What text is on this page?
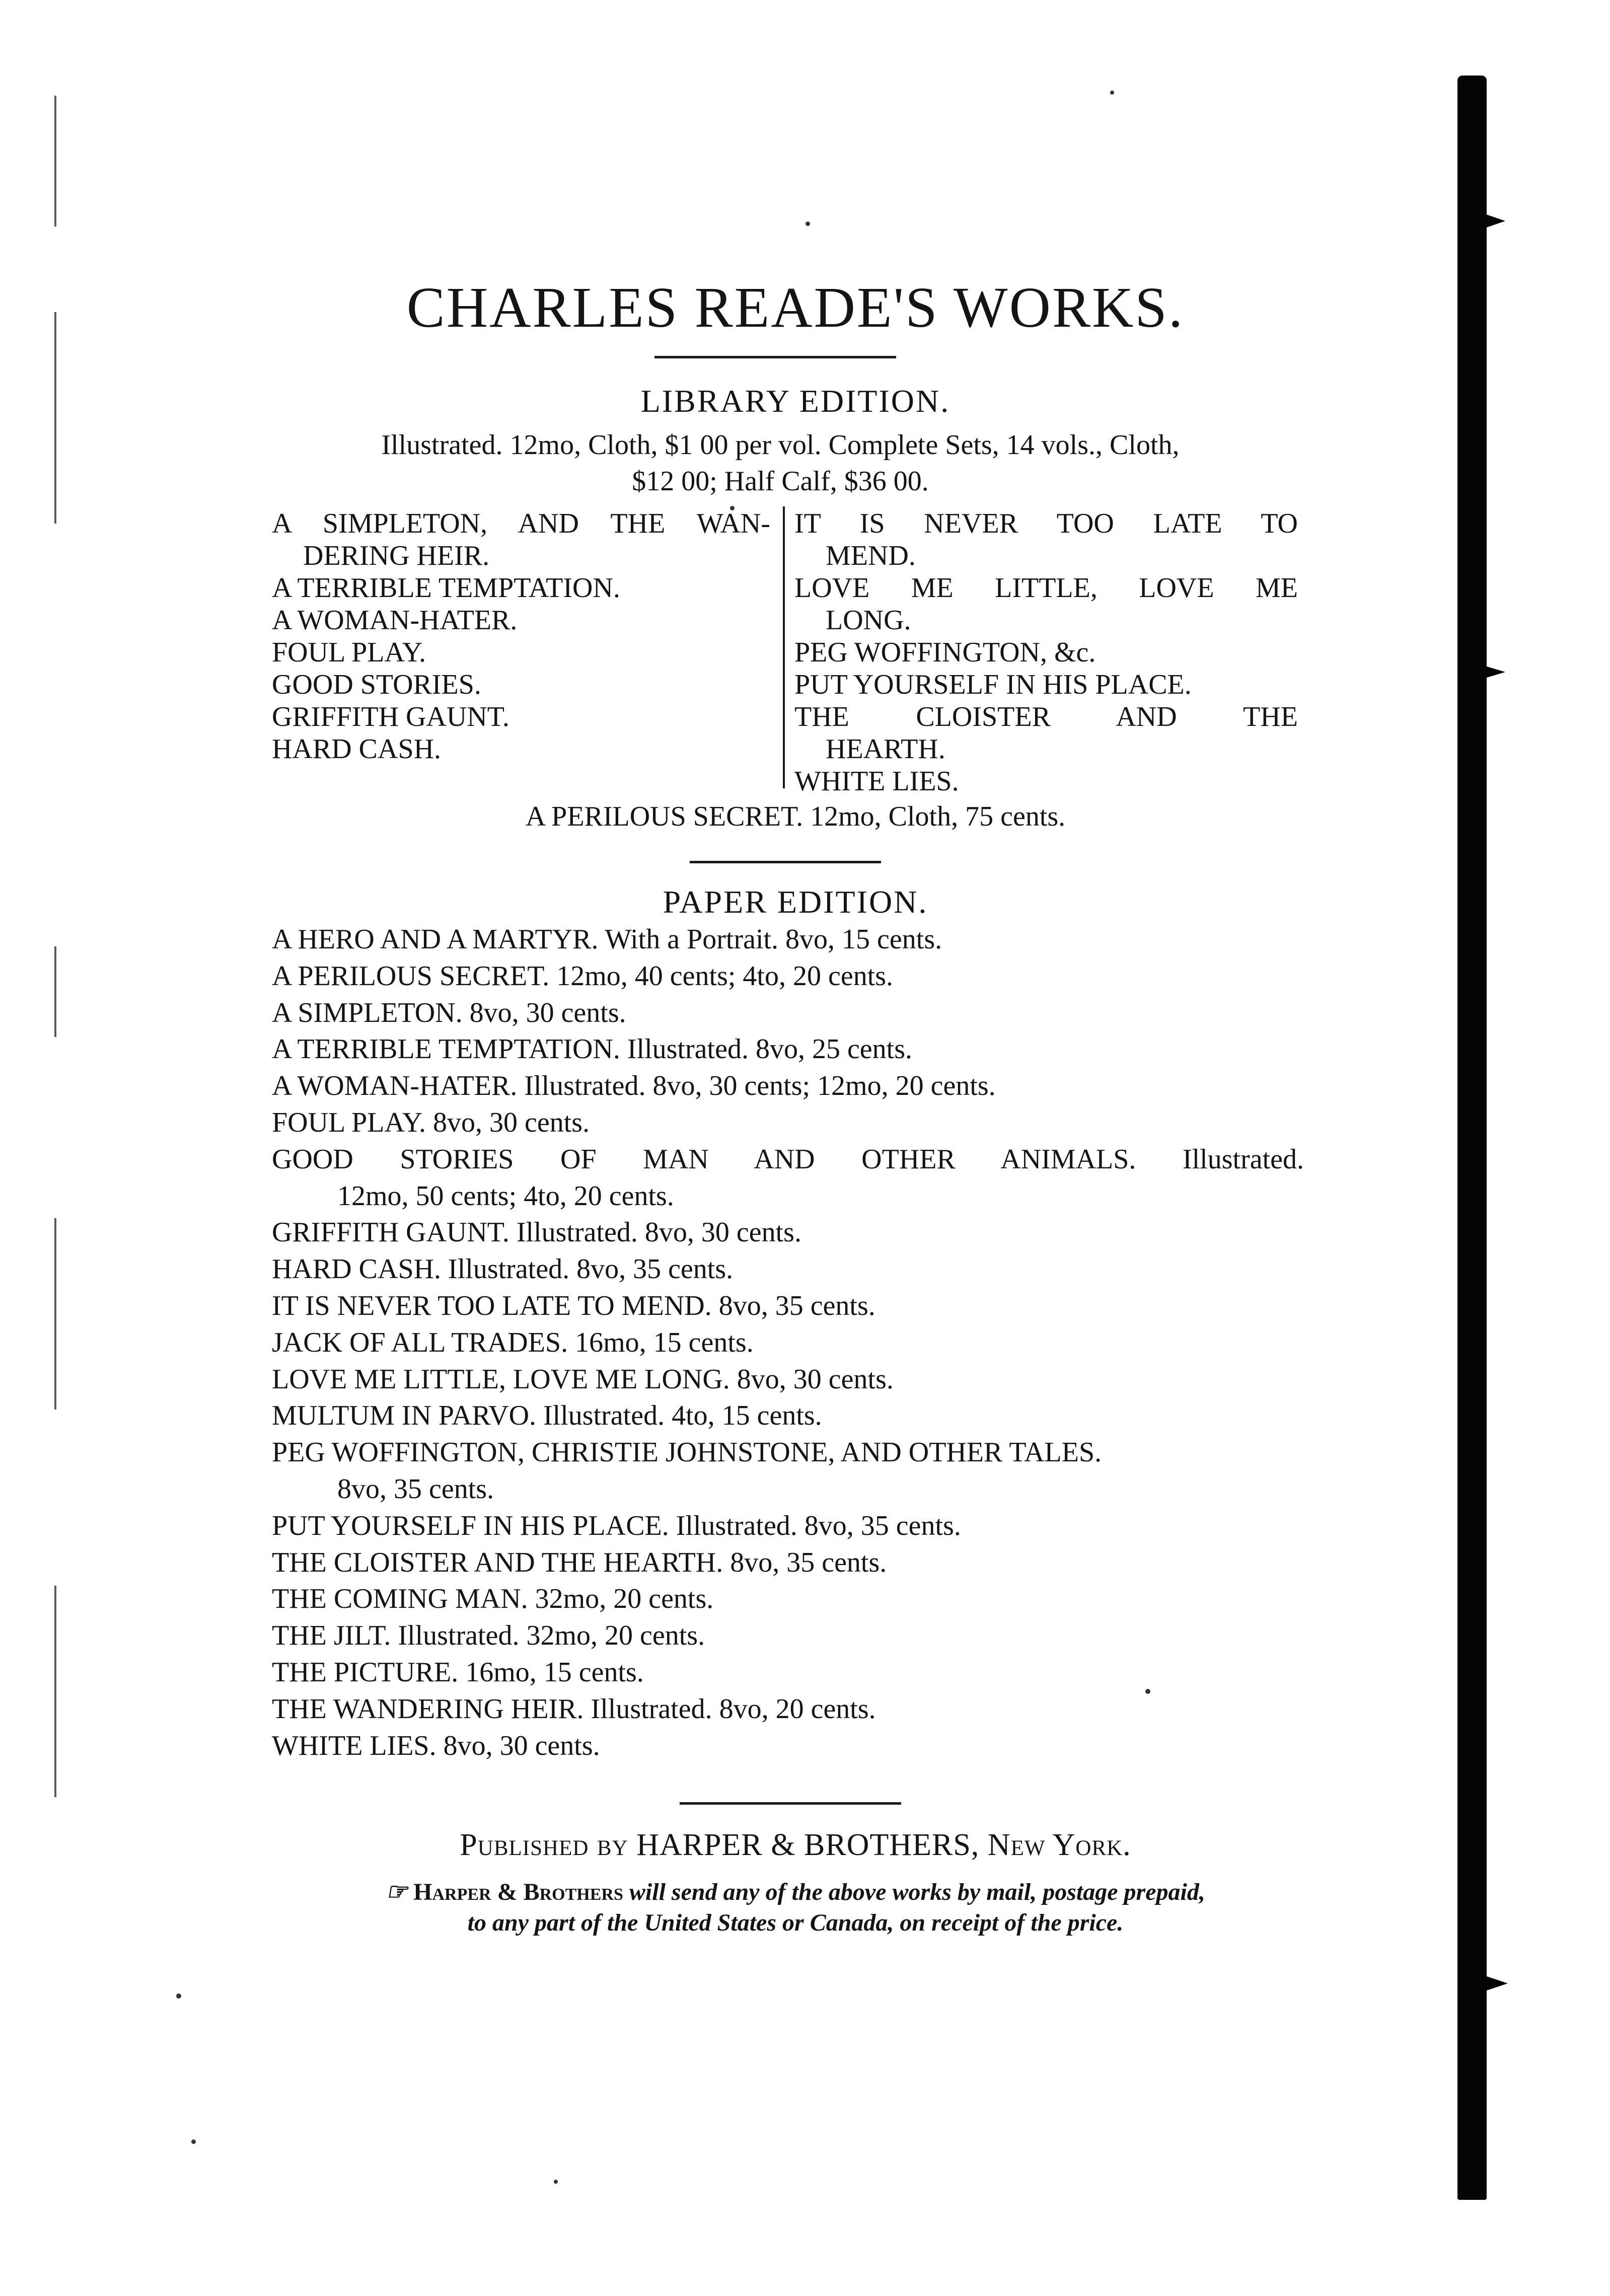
CHARLES READE'S WORKS.
LIBRARY EDITION.
Illustrated. 12mo, Cloth, $1 00 per vol. Complete Sets, 14 vols., Cloth,
$12 00; Half Calf, $36 00.
A SIMPLETON, AND THE WAN-
DERING HEIR.
A TERRIBLE TEMPTATION.
A WOMAN-HATER.
FOUL PLAY.
GOOD STORIES.
GRIFFITH GAUNT.
HARD CASH.
IT IS NEVER TOO LATE TO
MEND.
LOVE ME LITTLE, LOVE ME
LONG.
PEG WOFFINGTON, &c.
PUT YOURSELF IN HIS PLACE.
THE CLOISTER AND THE
HEARTH.
WHITE LIES.
A PERILOUS SECRET. 12mo, Cloth, 75 cents.
PAPER EDITION.
A HERO AND A MARTYR. With a Portrait. 8vo, 15 cents.
A PERILOUS SECRET. 12mo, 40 cents; 4to, 20 cents.
A SIMPLETON. 8vo, 30 cents.
A TERRIBLE TEMPTATION. Illustrated. 8vo, 25 cents.
A WOMAN-HATER. Illustrated. 8vo, 30 cents; 12mo, 20 cents.
FOUL PLAY. 8vo, 30 cents.
GOOD STORIES OF MAN AND OTHER ANIMALS. Illustrated.
12mo, 50 cents; 4to, 20 cents.
GRIFFITH GAUNT. Illustrated. 8vo, 30 cents.
HARD CASH. Illustrated. 8vo, 35 cents.
IT IS NEVER TOO LATE TO MEND. 8vo, 35 cents.
JACK OF ALL TRADES. 16mo, 15 cents.
LOVE ME LITTLE, LOVE ME LONG. 8vo, 30 cents.
MULTUM IN PARVO. Illustrated. 4to, 15 cents.
PEG WOFFINGTON, CHRISTIE JOHNSTONE, AND OTHER TALES.
8vo, 35 cents.
PUT YOURSELF IN HIS PLACE. Illustrated. 8vo, 35 cents.
THE CLOISTER AND THE HEARTH. 8vo, 35 cents.
THE COMING MAN. 32mo, 20 cents.
THE JILT. Illustrated. 32mo, 20 cents.
THE PICTURE. 16mo, 15 cents.
THE WANDERING HEIR. Illustrated. 8vo, 20 cents.
WHITE LIES. 8vo, 30 cents.
Published by HARPER & BROTHERS, New York.
☞ Harper & Brothers will send any of the above works by mail, postage prepaid,
to any part of the United States or Canada, on receipt of the price.
